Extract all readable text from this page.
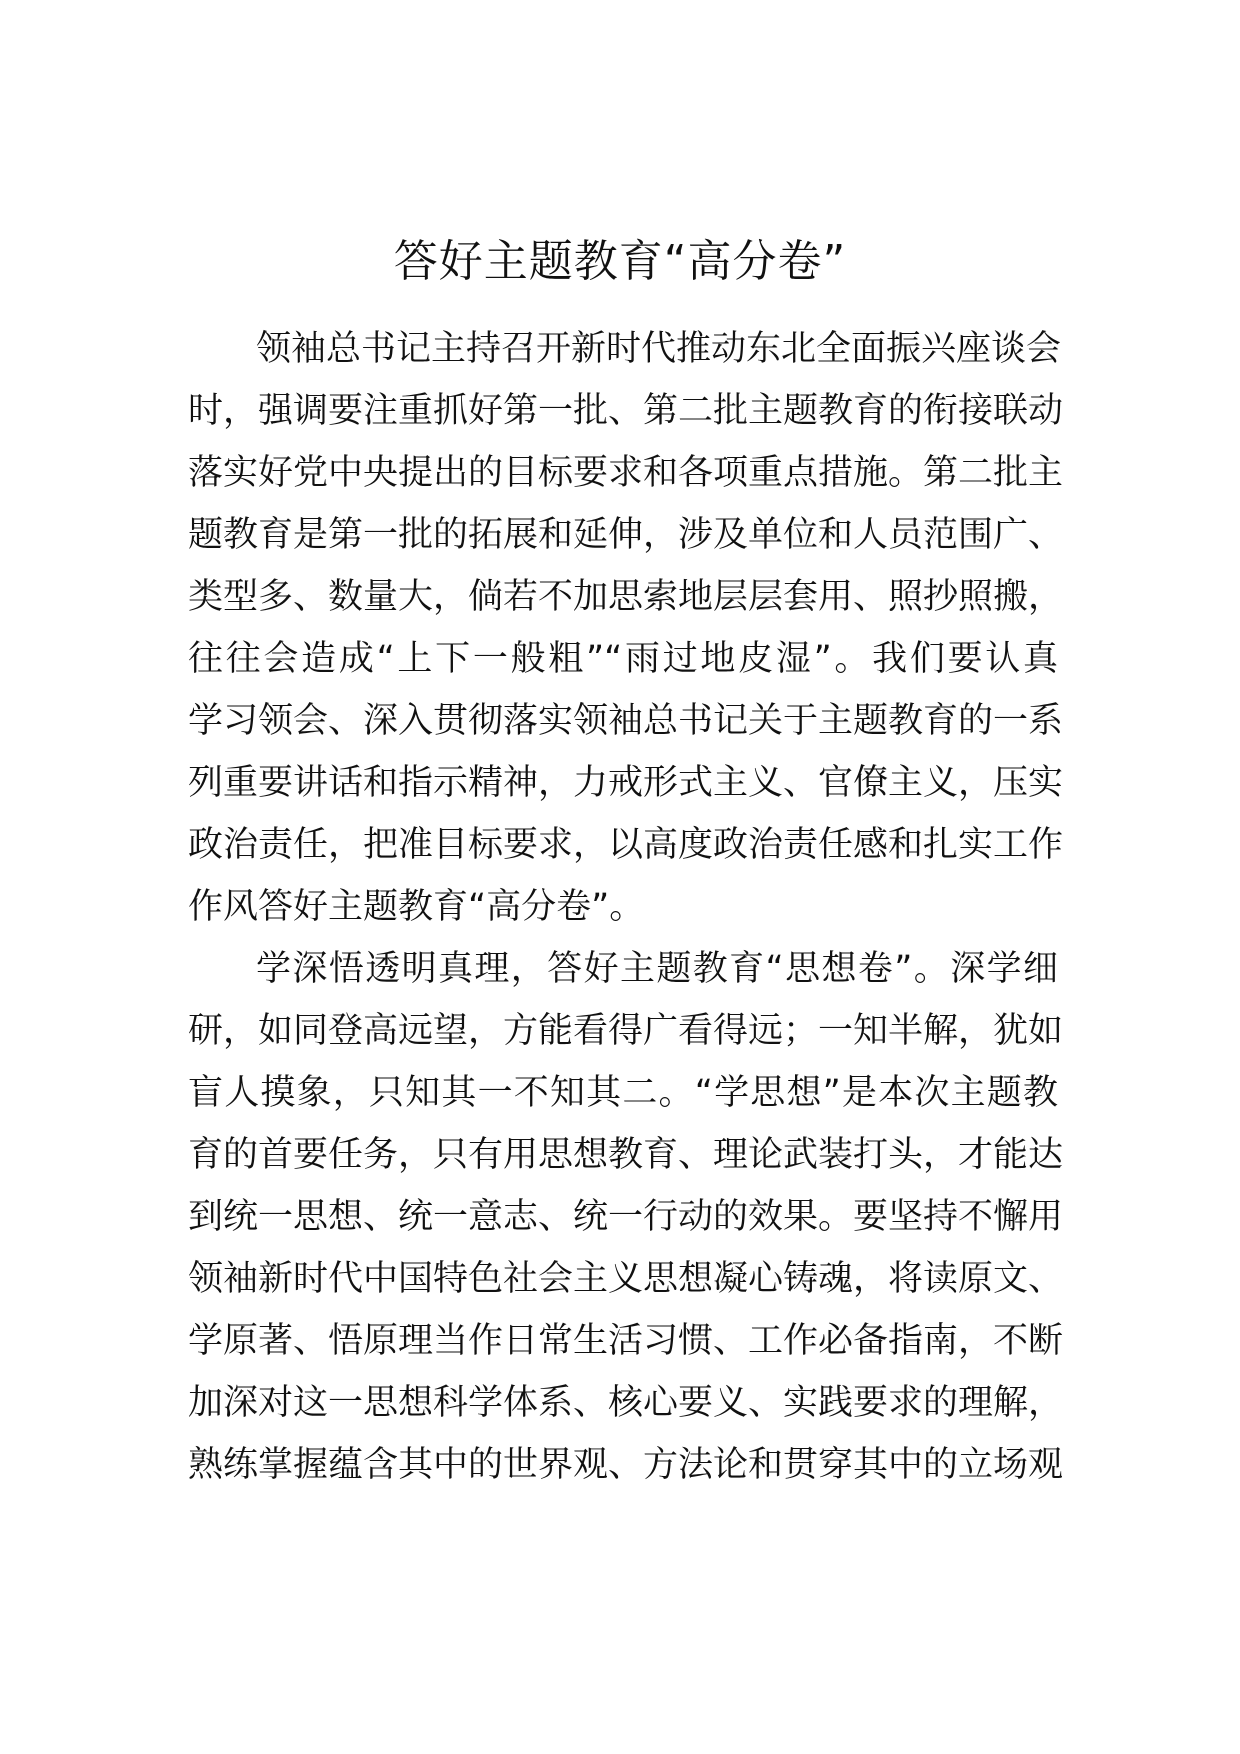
答好主题教育“高分卷”

领袖总书记主持召开新时代推动东北全面振兴座谈会

时，强调要注重抓好第一批、第二批主题教育的衔接联动

落实好党中央提出的目标要求和各项重点措施。第二批主

题教育是第一批的拓展和延伸，涉及单位和人员范围广、

类型多、数量大，倘若不加思索地层层套用、照抄照搬，

往往会造成“上下一般粗”“雨过地皮湿”。我们要认真

学习领会、深入贯彻落实领袖总书记关于主题教育的一系

列重要讲话和指示精神，力戒形式主义、官僚主义，压实

政治责任，把准目标要求，以高度政治责任感和扎实工作

作风答好主题教育“高分卷”。

学深悟透明真理，答好主题教育“思想卷”。深学细

研，如同登高远望，方能看得广看得远；一知半解，犹如

盲人摸象，只知其一不知其二。“学思想”是本次主题教

育的首要任务，只有用思想教育、理论武装打头，才能达

到统一思想、统一意志、统一行动的效果。要坚持不懈用

领袖新时代中国特色社会主义思想凝心铸魂，将读原文、

学原著、悟原理当作日常生活习惯、工作必备指南，不断

加深对这一思想科学体系、核心要义、实践要求的理解，

熟练掌握蕴含其中的世界观、方法论和贯穿其中的立场观
